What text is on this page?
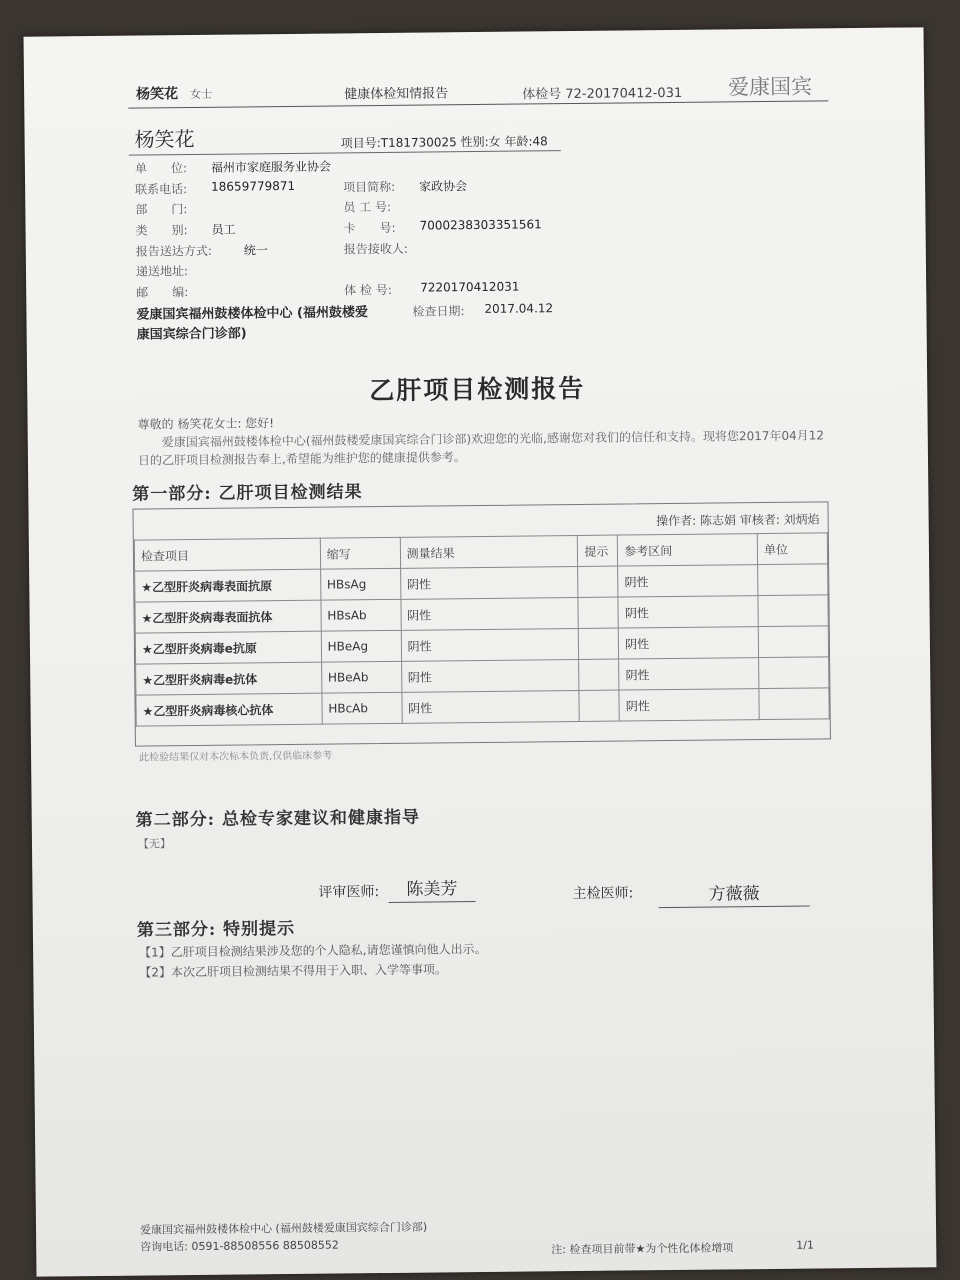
杨笑花 女士	健康体检知情报告	体检号 72-20170412-031 爱康国宾
杨笑花	项目号:T181730025 性别:女 年龄:48
单　　位: 福州市家庭服务业协会
联系电话: 18659779871	项目简称: 家政协会
部　　门:	员 工 号:
类　　别: 员工	卡　　号: 7000238303351561
报告送达方式:	统一	报告接收人:
递送地址:
邮　　编:	体 检 号: 7220170412031
爱康国宾福州鼓楼体检中心 (福州鼓楼爱康国宾综合门诊部)
检查日期: 2017.04.12
乙肝项目检测报告
尊敬的 杨笑花女士: 您好!
　　爱康国宾福州鼓楼体检中心(福州鼓楼爱康国宾综合门诊部)欢迎您的光临,感谢您对我们的信任和支持。现将您2017年04月12日的乙肝项目检测报告奉上,希望能为维护您的健康提供参考。
第一部分: 乙肝项目检测结果
操作者: 陈志娟 审核者: 刘炳焰
检查项目	缩写	测量结果	提示	参考区间	单位
★乙型肝炎病毒表面抗原	HBsAg	阴性		阴性	
★乙型肝炎病毒表面抗体	HBsAb	阴性		阴性	
★乙型肝炎病毒e抗原	HBeAg	阴性		阴性	
★乙型肝炎病毒e抗体	HBeAb	阴性		阴性	
★乙型肝炎病毒核心抗体	HBcAb	阴性		阴性	
此检验结果仅对本次标本负责,仅供临床参考
第二部分: 总检专家建议和健康指导
【无】
评审医师:	陈美芳	主检医师:	方薇薇
第三部分: 特别提示
【1】乙肝项目检测结果涉及您的个人隐私,请您谨慎向他人出示。
【2】本次乙肝项目检测结果不得用于入职、入学等事项。
爱康国宾福州鼓楼体检中心 (福州鼓楼爱康国宾综合门诊部)
咨询电话: 0591-88508556 88508552	注: 检查项目前带★为个性化体检增项	1/1
